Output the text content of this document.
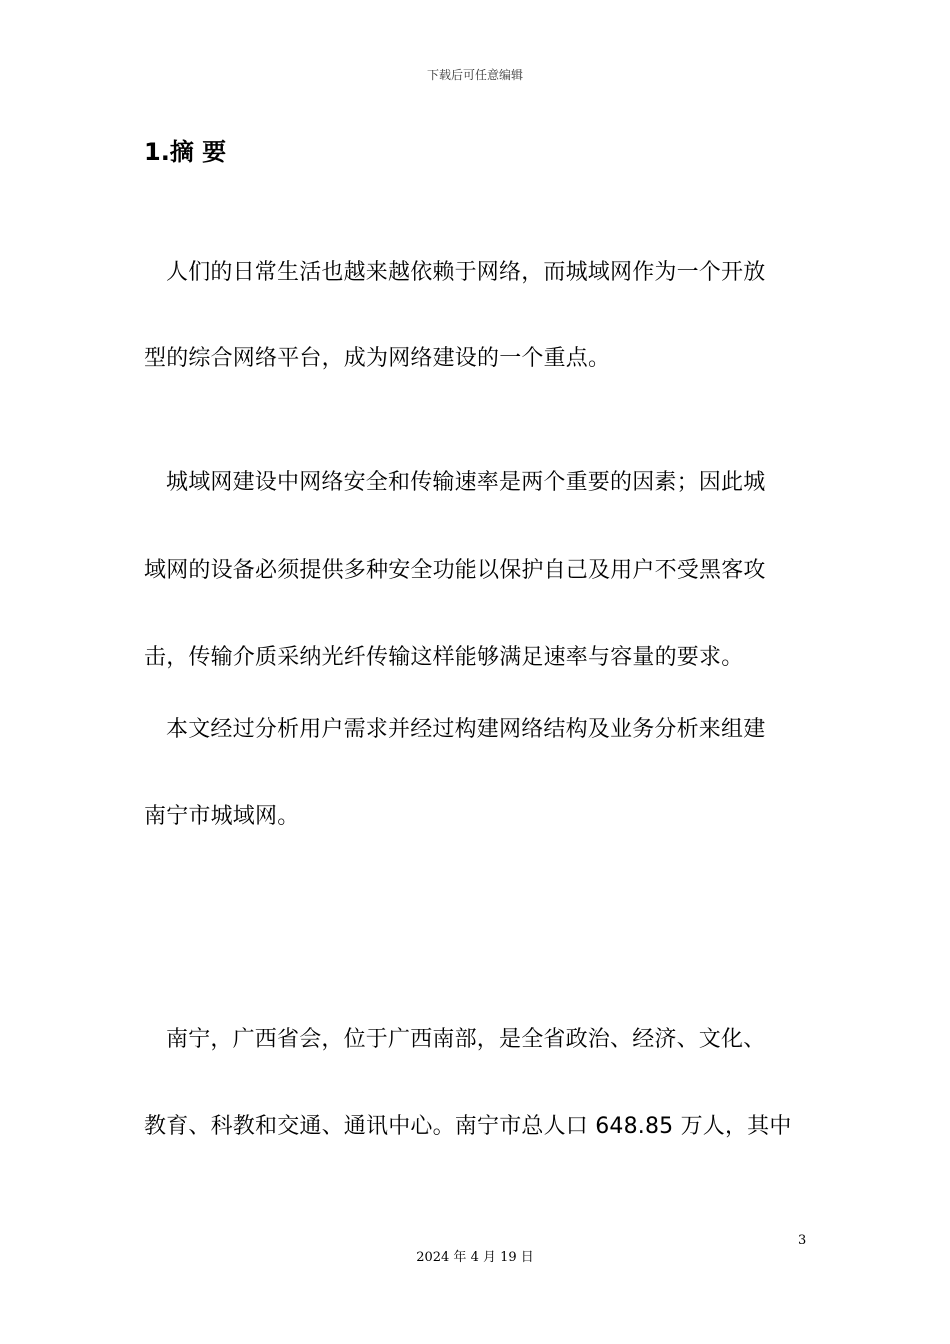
下载后可任意编辑
1.摘 要
人们的日常生活也越来越依赖于网络，而城域网作为一个开放
型的综合网络平台，成为网络建设的一个重点。
城域网建设中网络安全和传输速率是两个重要的因素；因此城
域网的设备必须提供多种安全功能以保护自己及用户不受黑客攻
击，传输介质采纳光纤传输这样能够满足速率与容量的要求。
本文经过分析用户需求并经过构建网络结构及业务分析来组建
南宁市城域网。
南宁，广西省会，位于广西南部，是全省政治、经济、文化、
教育、科教和交通、通讯中心。南宁市总人口 648.85 万人，其中
3
2024 年 4 月 19 日
